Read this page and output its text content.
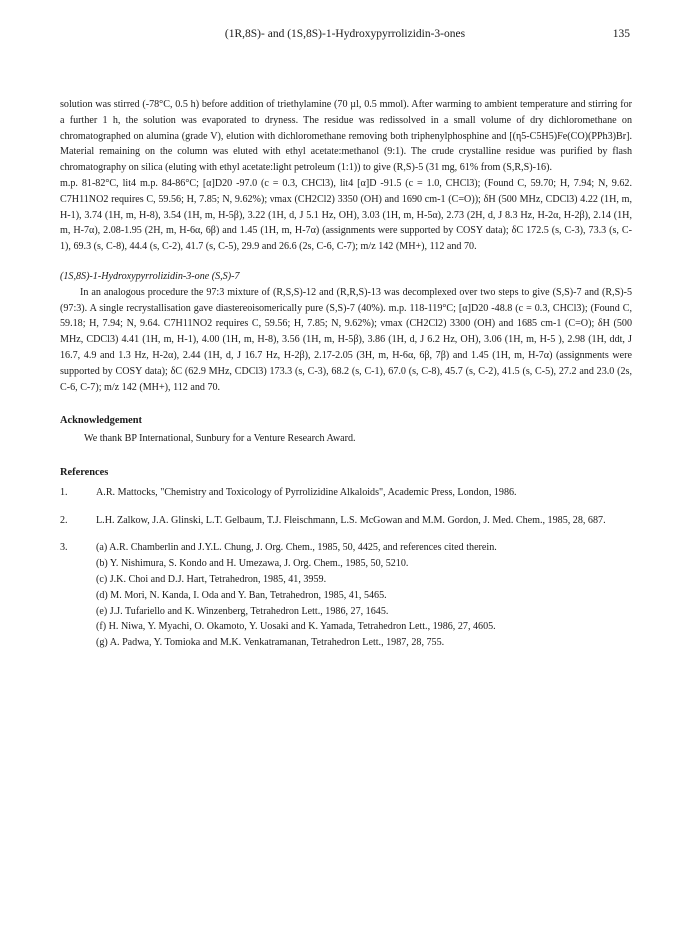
(1R,8S)- and (1S,8S)-1-Hydroxypyrrolizidin-3-ones	135

solution was stirred (-78°C, 0.5 h) before addition of triethylamine (70 µl, 0.5 mmol). After warming to ambient temperature and stirring for a further 1 h, the solution was evaporated to dryness. The residue was redissolved in a small volume of dry dichloromethane on chromatographed on alumina (grade V), elution with dichloromethane removing both triphenylphosphine and [(η5-C5H5)Fe(CO)(PPh3)Br]. Material remaining on the column was eluted with ethyl acetate:methanol (9:1). The crude crystalline residue was purified by flash chromatography on silica (eluting with ethyl acetate:light petroleum (1:1)) to give (R,S)-5 (31 mg, 61% from (S,R,S)-16).

m.p. 81-82°C, lit4 m.p. 84-86°C; [α]D20 -97.0 (c = 0.3, CHCl3), lit4 [α]D -91.5 (c = 1.0, CHCl3); (Found C, 59.70; H, 7.94; N, 9.62. C7H11NO2 requires C, 59.56; H, 7.85; N, 9.62%); νmax (CH2Cl2) 3350 (OH) and 1690 cm-1 (C=O)); δH (500 MHz, CDCl3) 4.22 (1H, m, H-1), 3.74 (1H, m, H-8), 3.54 (1H, m, H-5β), 3.22 (1H, d, J 5.1 Hz, OH), 3.03 (1H, m, H-5α), 2.73 (2H, d, J 8.3 Hz, H-2α, H-2β), 2.14 (1H, m, H-7α), 2.08-1.95 (2H, m, H-6α, 6β) and 1.45 (1H, m, H-7α) (assignments were supported by COSY data); δC 172.5 (s, C-3), 73.3 (s, C-1), 69.3 (s, C-8), 44.4 (s, C-2), 41.7 (s, C-5), 29.9 and 26.6 (2s, C-6, C-7); m/z 142 (MH+), 112 and 70.

(1S,8S)-1-Hydroxypyrrolizidin-3-one (S,S)-7

In an analogous procedure the 97:3 mixture of (R,S,S)-12 and (R,R,S)-13 was decomplexed over two steps to give (S,S)-7 and (R,S)-5 (97:3). A single recrystallisation gave diastereoisomerically pure (S,S)-7 (40%). m.p. 118-119°C; [α]D20 -48.8 (c = 0.3, CHCl3); (Found C, 59.18; H, 7.94; N, 9.64. C7H11NO2 requires C, 59.56; H, 7.85; N, 9.62%); νmax (CH2Cl2) 3300 (OH) and 1685 cm-1 (C=O); δH (500 MHz, CDCl3) 4.41 (1H, m, H-1), 4.00 (1H, m, H-8), 3.56 (1H, m, H-5β), 3.86 (1H, d, J 6.2 Hz, OH), 3.06 (1H, m, H-5 ), 2.98 (1H, ddt, J 16.7, 4.9 and 1.3 Hz, H-2α), 2.44 (1H, d, J 16.7 Hz, H-2β), 2.17-2.05 (3H, m, H-6α, 6β, 7β) and 1.45 (1H, m, H-7α) (assignments were supported by COSY data); δC (62.9 MHz, CDCl3) 173.3 (s, C-3), 68.2 (s, C-1), 67.0 (s, C-8), 45.7 (s, C-2), 41.5 (s, C-5), 27.2 and 23.0 (2s, C-6, C-7); m/z 142 (MH+), 112 and 70.

Acknowledgement
We thank BP International, Sunbury for a Venture Research Award.
References
1.	A.R. Mattocks, "Chemistry and Toxicology of Pyrrolizidine Alkaloids", Academic Press, London, 1986.
2.	L.H. Zalkow, J.A. Glinski, L.T. Gelbaum, T.J. Fleischmann, L.S. McGowan and M.M. Gordon, J. Med. Chem., 1985, 28, 687.
3.	(a) A.R. Chamberlin and J.Y.L. Chung, J. Org. Chem., 1985, 50, 4425, and references cited therein.
(b) Y. Nishimura, S. Kondo and H. Umezawa, J. Org. Chem., 1985, 50, 5210.
(c) J.K. Choi and D.J. Hart, Tetrahedron, 1985, 41, 3959.
(d) M. Mori, N. Kanda, I. Oda and Y. Ban, Tetrahedron, 1985, 41, 5465.
(e) J.J. Tufariello and K. Winzenberg, Tetrahedron Lett., 1986, 27, 1645.
(f) H. Niwa, Y. Myachi, O. Okamoto, Y. Uosaki and K. Yamada, Tetrahedron Lett., 1986, 27, 4605.
(g) A. Padwa, Y. Tomioka and M.K. Venkatramanan, Tetrahedron Lett., 1987, 28, 755.
